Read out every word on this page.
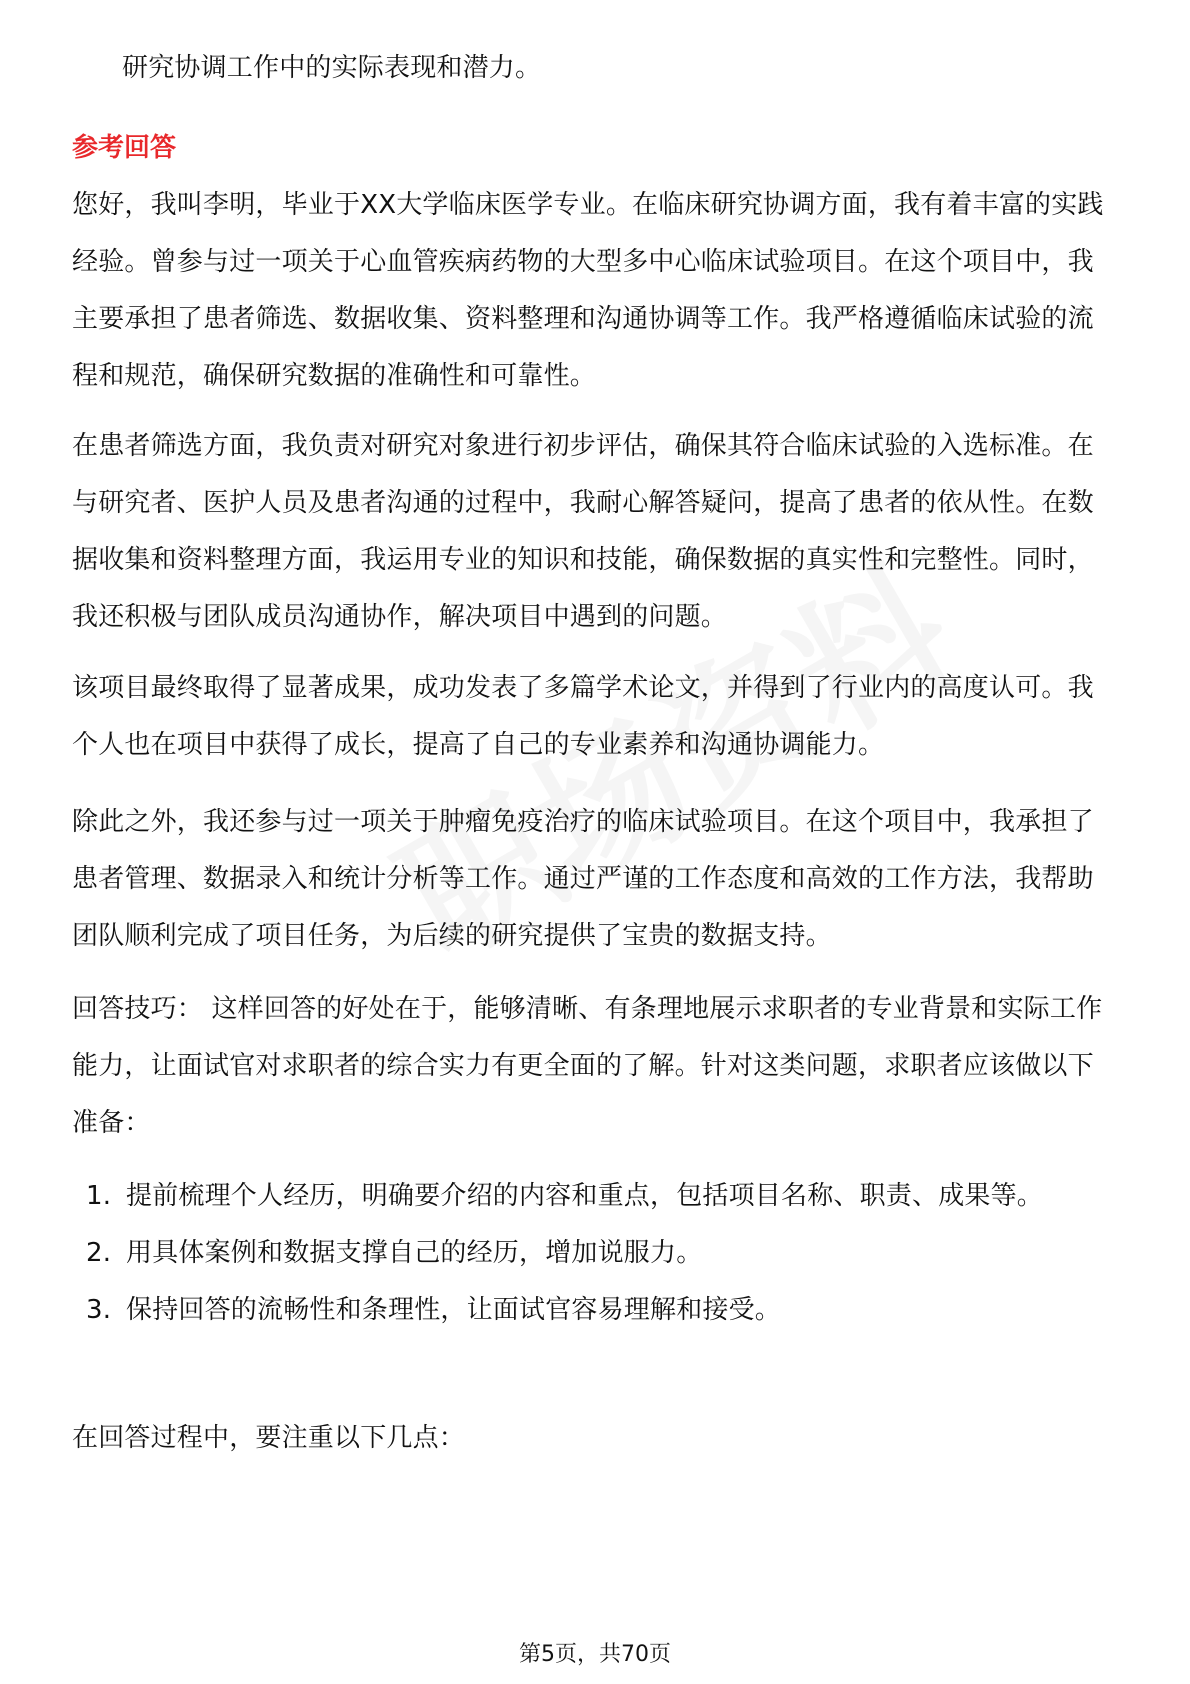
研究协调工作中的实际表现和潜力。

参考回答

您好，我叫李明，毕业于XX大学临床医学专业。在临床研究协调方面，我有着丰富的实践经验。曾参与过一项关于心血管疾病药物的大型多中心临床试验项目。在这个项目中，我主要承担了患者筛选、数据收集、资料整理和沟通协调等工作。我严格遵循临床试验的流程和规范，确保研究数据的准确性和可靠性。

在患者筛选方面，我负责对研究对象进行初步评估，确保其符合临床试验的入选标准。在与研究者、医护人员及患者沟通的过程中，我耐心解答疑问，提高了患者的依从性。在数据收集和资料整理方面，我运用专业的知识和技能，确保数据的真实性和完整性。同时，我还积极与团队成员沟通协作，解决项目中遇到的问题。

该项目最终取得了显著成果，成功发表了多篇学术论文，并得到了行业内的高度认可。我个人也在项目中获得了成长，提高了自己的专业素养和沟通协调能力。

除此之外，我还参与过一项关于肿瘤免疫治疗的临床试验项目。在这个项目中，我承担了患者管理、数据录入和统计分析等工作。通过严谨的工作态度和高效的工作方法，我帮助团队顺利完成了项目任务，为后续的研究提供了宝贵的数据支持。

回答技巧： 这样回答的好处在于，能够清晰、有条理地展示求职者的专业背景和实际工作能力，让面试官对求职者的综合实力有更全面的了解。针对这类问题，求职者应该做以下准备：

1. 提前梳理个人经历，明确要介绍的内容和重点，包括项目名称、职责、成果等。
2. 用具体案例和数据支撑自己的经历，增加说服力。
3. 保持回答的流畅性和条理性，让面试官容易理解和接受。

在回答过程中，要注重以下几点：

第5页，共70页
